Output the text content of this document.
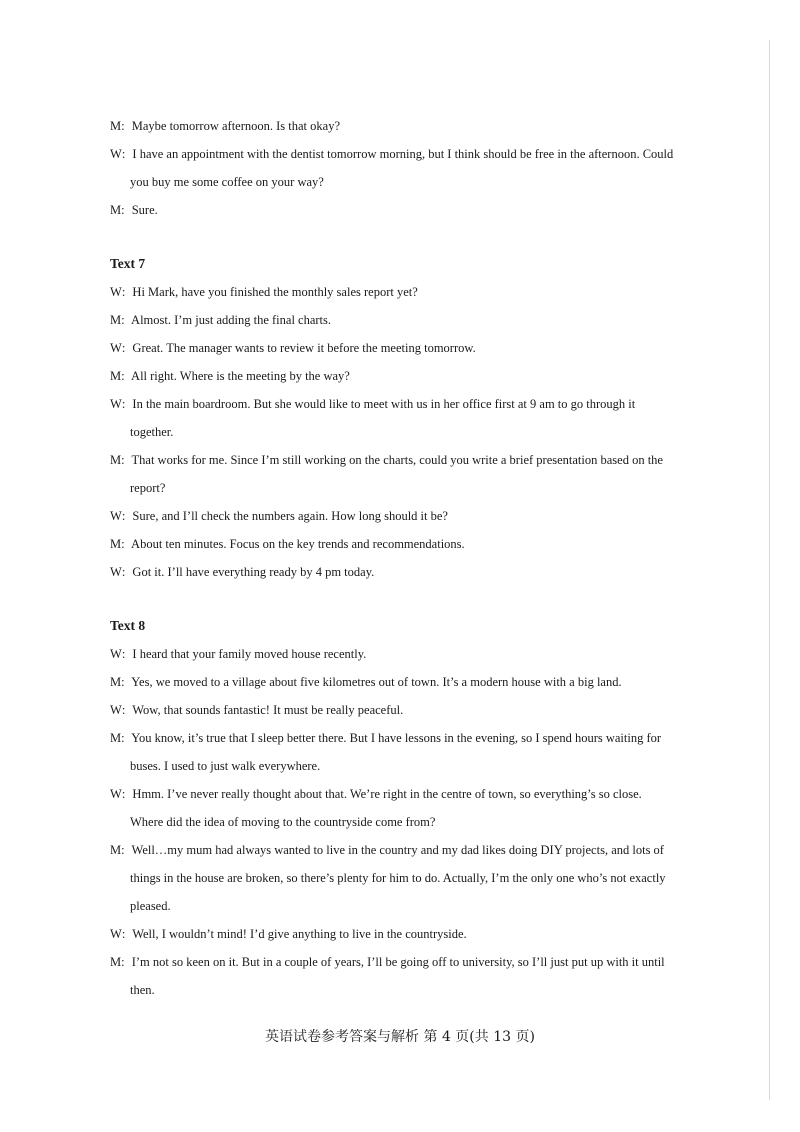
M: Maybe tomorrow afternoon. Is that okay?
W: I have an appointment with the dentist tomorrow morning, but I think should be free in the afternoon. Could
you buy me some coffee on your way?
M: Sure.
Text 7
W: Hi Mark, have you finished the monthly sales report yet?
M: Almost. I’m just adding the final charts.
W: Great. The manager wants to review it before the meeting tomorrow.
M: All right. Where is the meeting by the way?
W: In the main boardroom. But she would like to meet with us in her office first at 9 am to go through it
together.
M: That works for me. Since I’m still working on the charts, could you write a brief presentation based on the
report?
W: Sure, and I’ll check the numbers again. How long should it be?
M: About ten minutes. Focus on the key trends and recommendations.
W: Got it. I’ll have everything ready by 4 pm today.
Text 8
W: I heard that your family moved house recently.
M: Yes, we moved to a village about five kilometres out of town. It’s a modern house with a big land.
W: Wow, that sounds fantastic! It must be really peaceful.
M: You know, it’s true that I sleep better there. But I have lessons in the evening, so I spend hours waiting for
buses. I used to just walk everywhere.
W: Hmm. I’ve never really thought about that. We’re right in the centre of town, so everything’s so close.
Where did the idea of moving to the countryside come from?
M: Well…my mum had always wanted to live in the country and my dad likes doing DIY projects, and lots of
things in the house are broken, so there’s plenty for him to do. Actually, I’m the only one who’s not exactly
pleased.
W: Well, I wouldn’t mind! I’d give anything to live in the countryside.
M: I’m not so keen on it. But in a couple of years, I’ll be going off to university, so I’ll just put up with it until
then.
英语试卷参考答案与解析 第 4 页(共 13 页)
